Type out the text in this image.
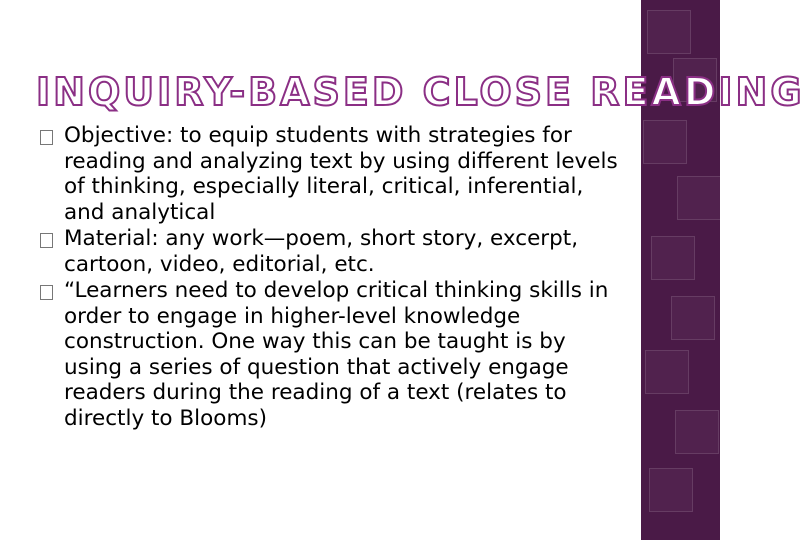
INQUIRY-BASED CLOSE READING
Objective: to equip students with strategies for reading and analyzing text by using different levels of thinking, especially literal, critical, inferential, and analytical
Material: any work—poem, short story, excerpt, cartoon, video, editorial, etc.
“Learners need to develop critical thinking skills in order to engage in higher-level knowledge construction. One way this can be taught is by using a series of question that actively engage readers during the reading of a text (relates to directly to Blooms)
